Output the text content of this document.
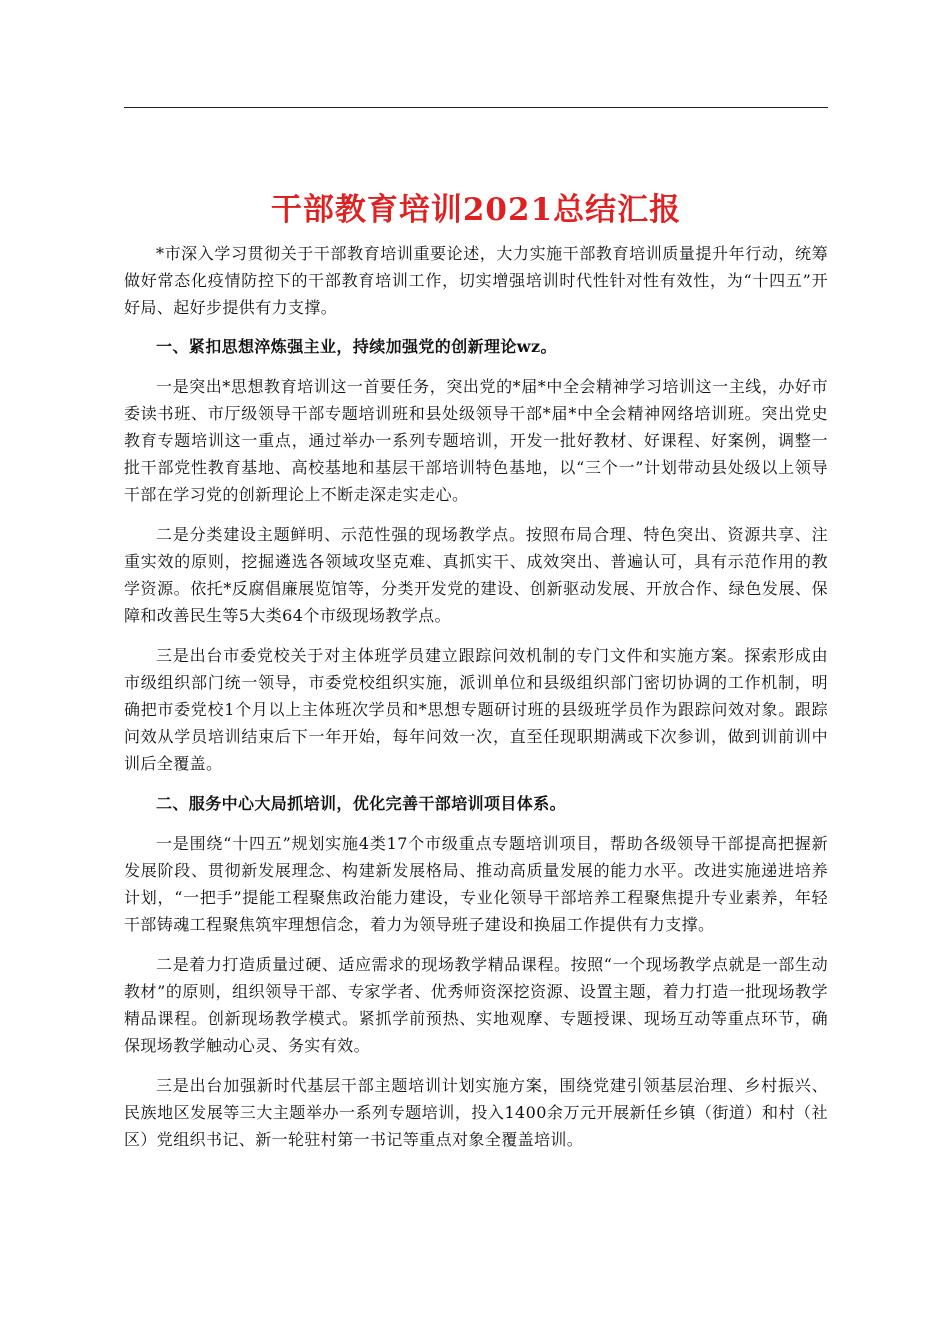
干部教育培训2021总结汇报

*市深入学习贯彻关于干部教育培训重要论述，大力实施干部教育培训质量提升年行动，统筹做好常态化疫情防控下的干部教育培训工作，切实增强培训时代性针对性有效性，为“十四五”开好局、起好步提供有力支撑。

一、紧扣思想淬炼强主业，持续加强党的创新理论wz。

一是突出*思想教育培训这一首要任务，突出党的*届*中全会精神学习培训这一主线，办好市委读书班、市厅级领导干部专题培训班和县处级领导干部*届*中全会精神网络培训班。突出党史教育专题培训这一重点，通过举办一系列专题培训，开发一批好教材、好课程、好案例，调整一批干部党性教育基地、高校基地和基层干部培训特色基地，以“三个一”计划带动县处级以上领导干部在学习党的创新理论上不断走深走实走心。

二是分类建设主题鲜明、示范性强的现场教学点。按照布局合理、特色突出、资源共享、注重实效的原则，挖掘遴选各领域攻坚克难、真抓实干、成效突出、普遍认可，具有示范作用的教学资源。依托*反腐倡廉展览馆等，分类开发党的建设、创新驱动发展、开放合作、绿色发展、保障和改善民生等5大类64个市级现场教学点。

三是出台市委党校关于对主体班学员建立跟踪问效机制的专门文件和实施方案。探索形成由市级组织部门统一领导，市委党校组织实施，派训单位和县级组织部门密切协调的工作机制，明确把市委党校1个月以上主体班次学员和*思想专题研讨班的县级班学员作为跟踪问效对象。跟踪问效从学员培训结束后下一年开始，每年问效一次，直至任现职期满或下次参训，做到训前训中训后全覆盖。

二、服务中心大局抓培训，优化完善干部培训项目体系。

一是围绕“十四五”规划实施4类17个市级重点专题培训项目，帮助各级领导干部提高把握新发展阶段、贯彻新发展理念、构建新发展格局、推动高质量发展的能力水平。改进实施递进培养计划，“一把手”提能工程聚焦政治能力建设，专业化领导干部培养工程聚焦提升专业素养，年轻干部铸魂工程聚焦筑牢理想信念，着力为领导班子建设和换届工作提供有力支撑。

二是着力打造质量过硬、适应需求的现场教学精品课程。按照“一个现场教学点就是一部生动教材”的原则，组织领导干部、专家学者、优秀师资深挖资源、设置主题，着力打造一批现场教学精品课程。创新现场教学模式。紧抓学前预热、实地观摩、专题授课、现场互动等重点环节，确保现场教学触动心灵、务实有效。

三是出台加强新时代基层干部主题培训计划实施方案，围绕党建引领基层治理、乡村振兴、民族地区发展等三大主题举办一系列专题培训，投入1400余万元开展新任乡镇（街道）和村（社区）党组织书记、新一轮驻村第一书记等重点对象全覆盖培训。
